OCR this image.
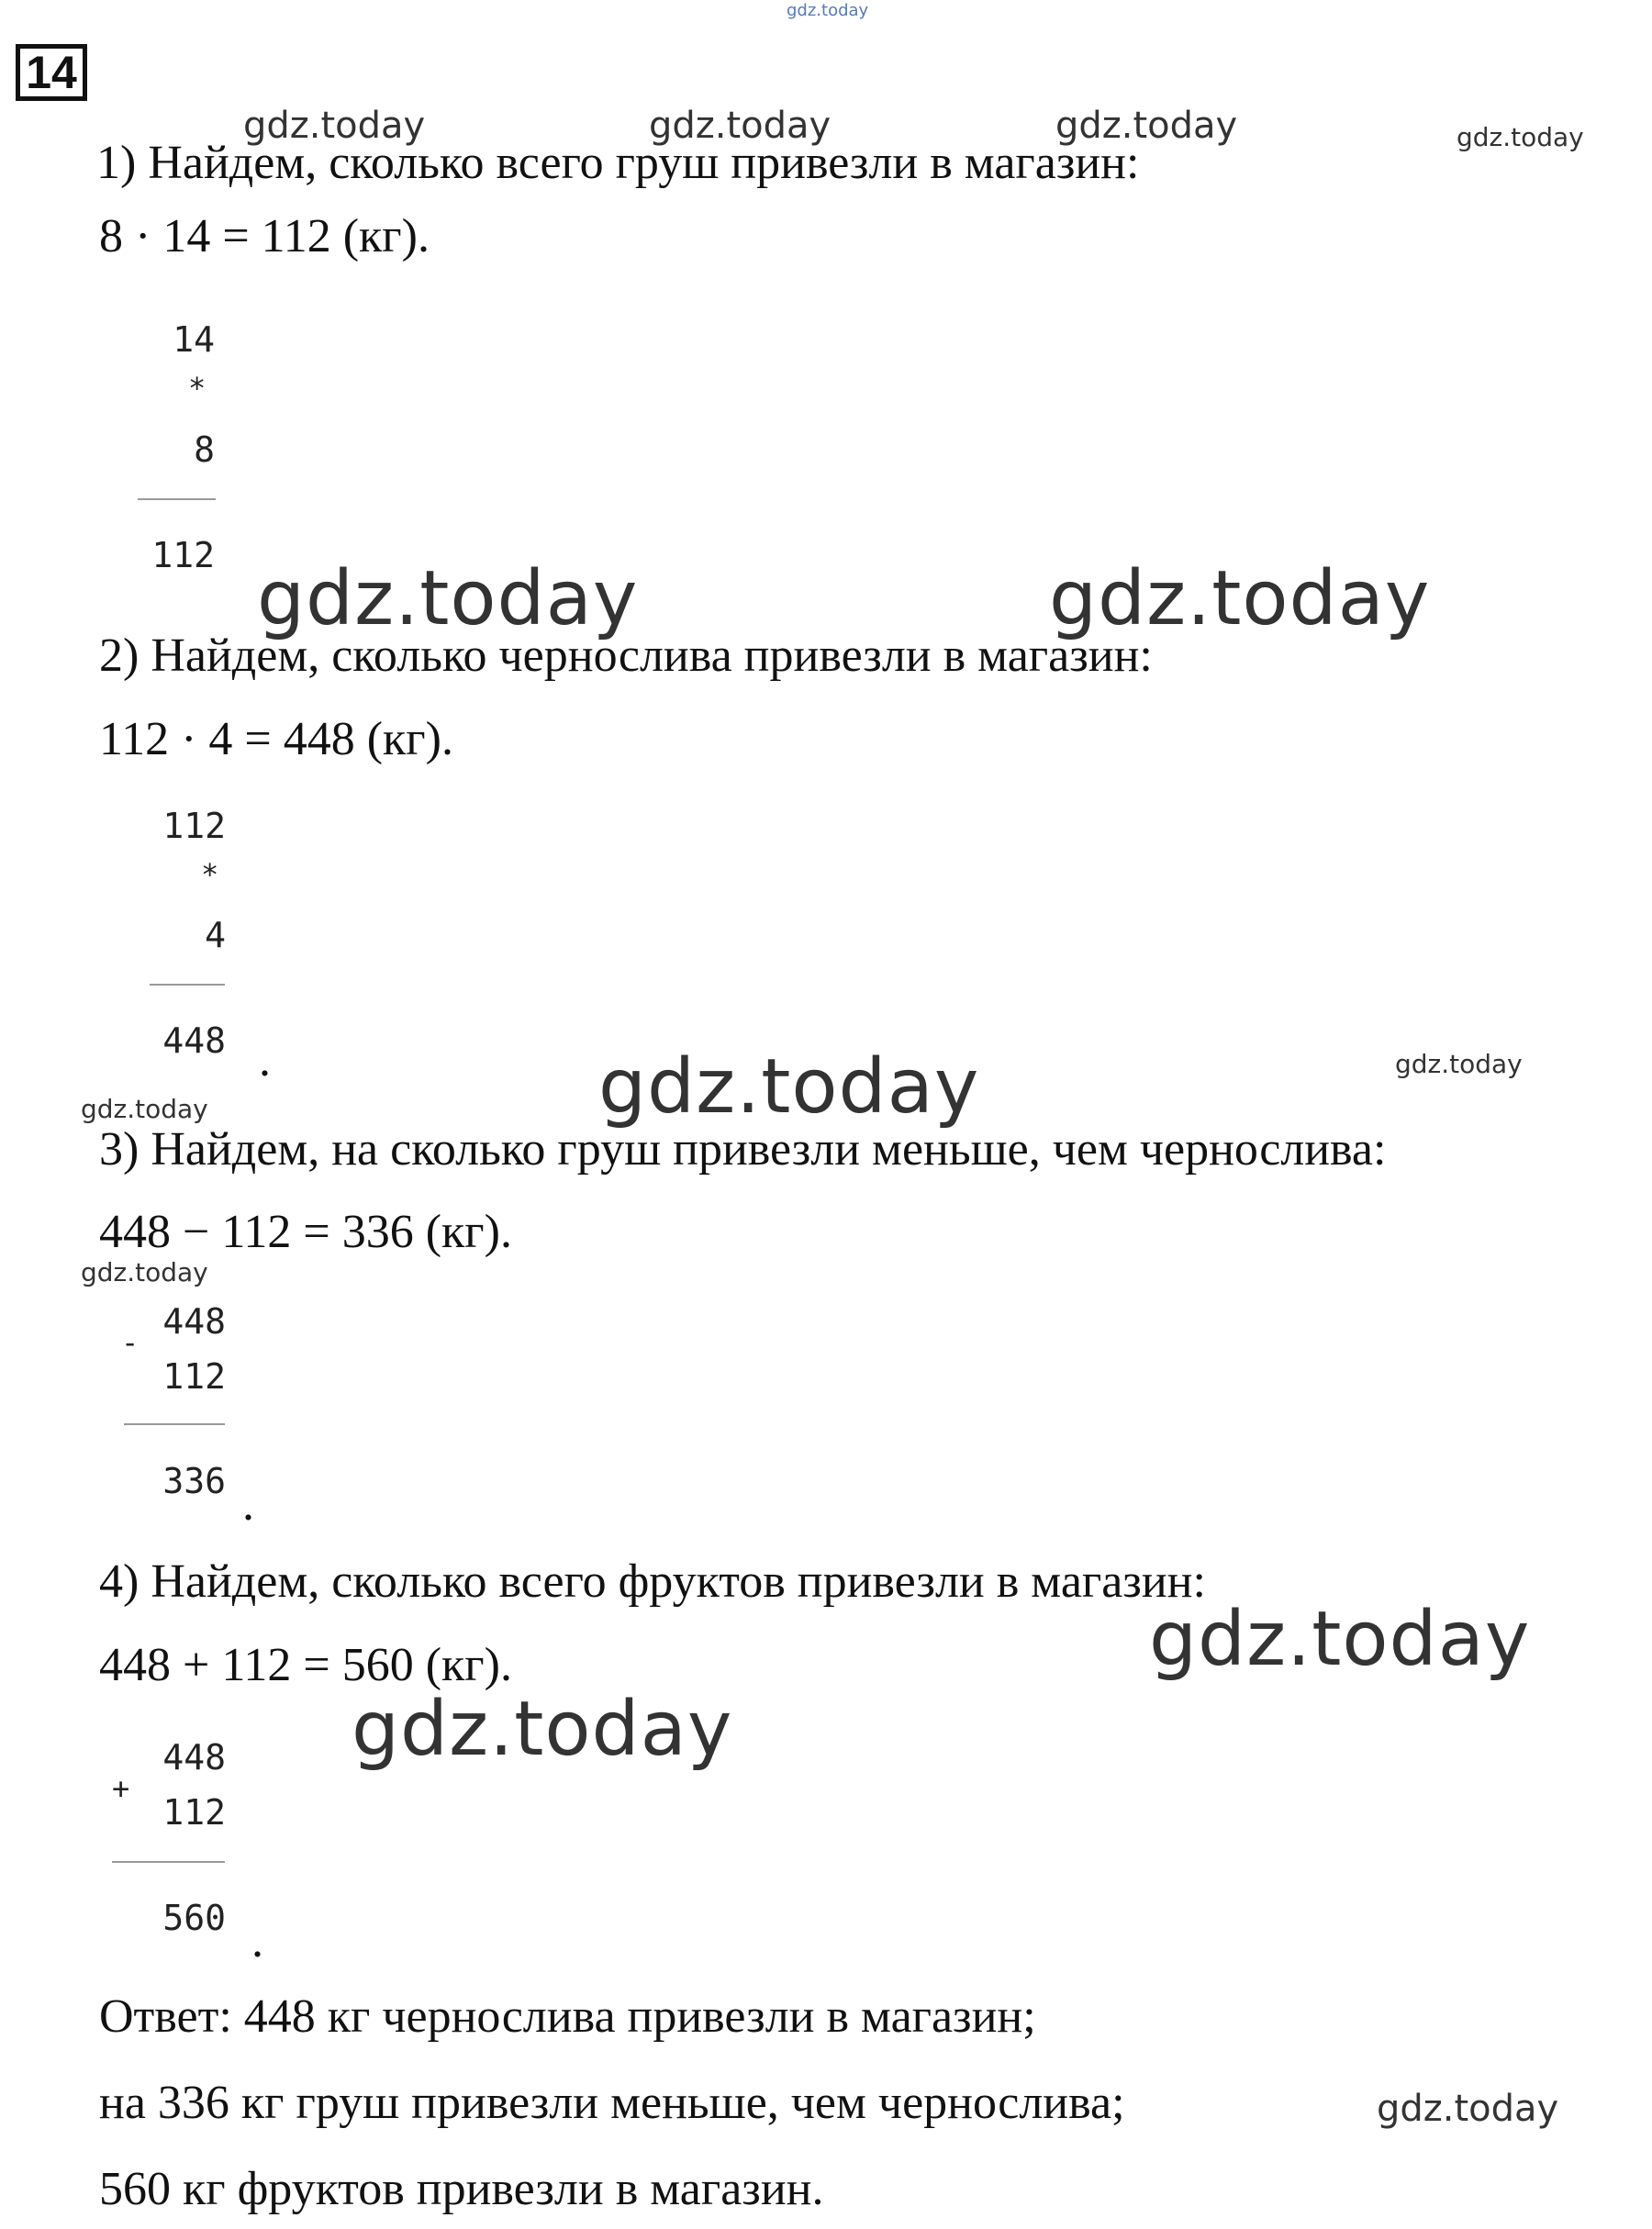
14
1) Найдем, сколько всего груш привезли в магазин:
8 · 14 = 112 (кг).
14
*
8
112
2) Найдем, сколько чернослива привезли в магазин:
112 · 4 = 448 (кг).
112
*
4
448 .
3) Найдем, на сколько груш привезли меньше, чем чернослива:
448 − 112 = 336 (кг).
448
-
112
336 .
4) Найдем, сколько всего фруктов привезли в магазин:
448 + 112 = 560 (кг).
448
+
112
560 .
Ответ: 448 кг чернослива привезли в магазин;
на 336 кг груш привезли меньше, чем чернослива;
560 кг фруктов привезли в магазин.
gdz.today
gdz.today	gdz.today	gdz.today	gdz.today
gdz.today	gdz.today
gdz.today	gdz.today
gdz.today
gdz.today
gdz.today
gdz.today
gdz.today
